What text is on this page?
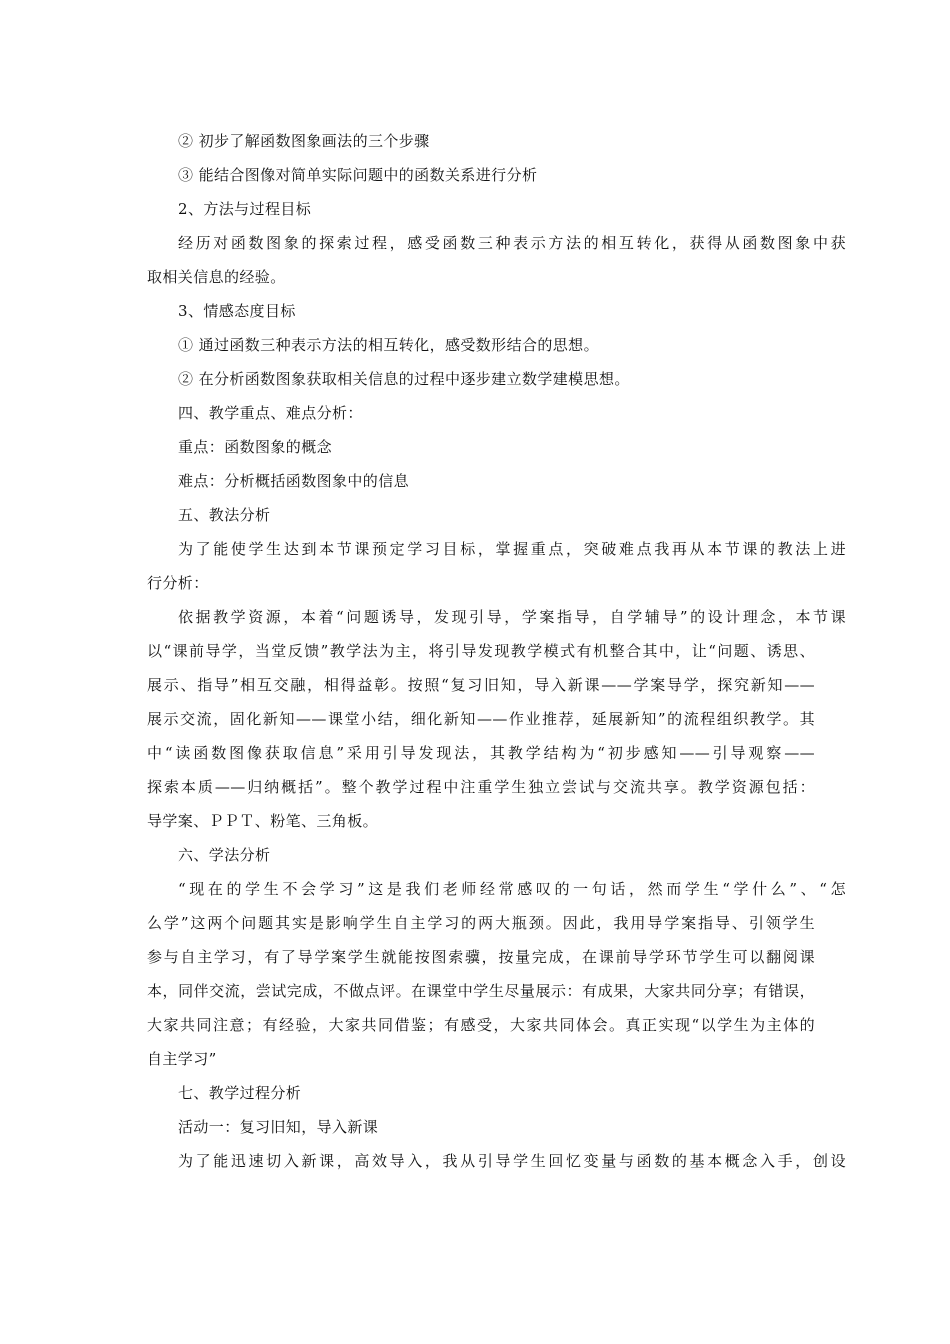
② 初步了解函数图象画法的三个步骤
③ 能结合图像对简单实际问题中的函数关系进行分析
2、方法与过程目标
经历对函数图象的探索过程，感受函数三种表示方法的相互转化，获得从函数图象中获
取相关信息的经验。
3、情感态度目标
① 通过函数三种表示方法的相互转化，感受数形结合的思想。
② 在分析函数图象获取相关信息的过程中逐步建立数学建模思想。
四、教学重点、难点分析：
重点：函数图象的概念
难点：分析概括函数图象中的信息
五、教法分析
为了能使学生达到本节课预定学习目标，掌握重点，突破难点我再从本节课的教法上进
行分析：
依据教学资源，本着“问题诱导，发现引导，学案指导，自学辅导”的设计理念，本节课
以“课前导学，当堂反馈”教学法为主，将引导发现教学模式有机整合其中，让“问题、诱思、
展示、指导”相互交融，相得益彰。按照“复习旧知，导入新课——学案导学，探究新知——
展示交流，固化新知——课堂小结，细化新知——作业推荐，延展新知”的流程组织教学。其
中“读函数图像获取信息”采用引导发现法，其教学结构为“初步感知——引导观察——
探索本质——归纳概括”。整个教学过程中注重学生独立尝试与交流共享。教学资源包括：
导学案、ＰＰＴ、粉笔、三角板。
六、学法分析
“现在的学生不会学习”这是我们老师经常感叹的一句话，然而学生“学什么”、“怎
么学”这两个问题其实是影响学生自主学习的两大瓶颈。因此，我用导学案指导、引领学生
参与自主学习，有了导学案学生就能按图索骥，按量完成，在课前导学环节学生可以翻阅课
本，同伴交流，尝试完成，不做点评。在课堂中学生尽量展示：有成果，大家共同分享；有错误，
大家共同注意；有经验，大家共同借鉴；有感受，大家共同体会。真正实现“以学生为主体的
自主学习”
七、教学过程分析
活动一：复习旧知，导入新课
为了能迅速切入新课，高效导入，我从引导学生回忆变量与函数的基本概念入手，创设
